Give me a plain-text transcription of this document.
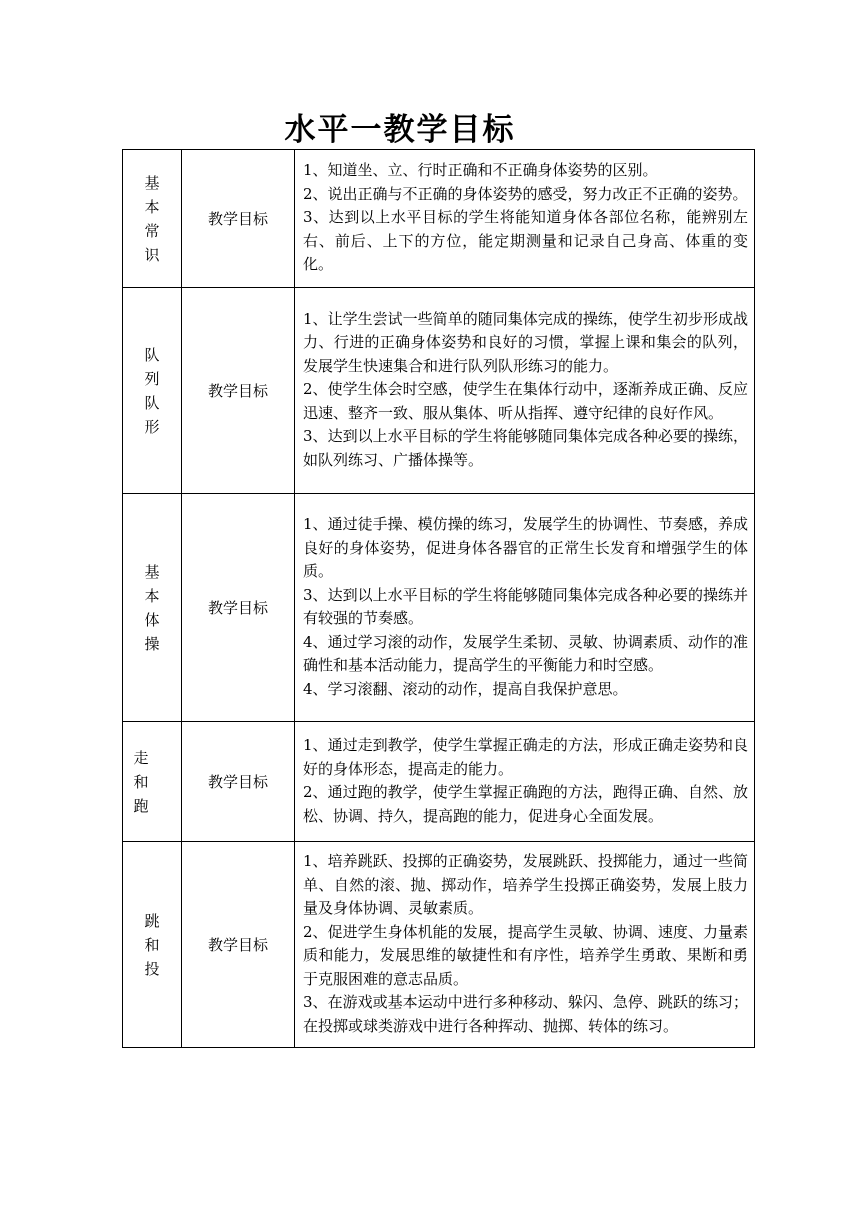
水平一教学目标
基本常识	教学目标	1、知道坐、立、行时正确和不正确身体姿势的区别。

2、说出正确与不正确的身体姿势的感受，努力改正不正确的姿势。

3、达到以上水平目标的学生将能知道身体各部位名称，能辨别左右、前后、上下的方位，能定期测量和记录自己身高、体重的变化。

队列队形	教学目标	1、让学生尝试一些简单的随同集体完成的操练，使学生初步形成战力、行进的正确身体姿势和良好的习惯，掌握上课和集会的队列，发展学生快速集合和进行队列队形练习的能力。

2、使学生体会时空感，使学生在集体行动中，逐渐养成正确、反应迅速、整齐一致、服从集体、听从指挥、遵守纪律的良好作风。

3、达到以上水平目标的学生将能够随同集体完成各种必要的操练，如队列练习、广播体操等。

基本体操	教学目标	1、通过徒手操、模仿操的练习，发展学生的协调性、节奏感，养成良好的身体姿势，促进身体各器官的正常生长发育和增强学生的体质。

3、达到以上水平目标的学生将能够随同集体完成各种必要的操练并有较强的节奏感。

4、通过学习滚的动作，发展学生柔韧、灵敏、协调素质、动作的准确性和基本活动能力，提高学生的平衡能力和时空感。

4、学习滚翻、滚动的动作，提高自我保护意思。

走和跑	教学目标	1、通过走到教学，使学生掌握正确走的方法，形成正确走姿势和良好的身体形态，提高走的能力。

2、通过跑的教学，使学生掌握正确跑的方法，跑得正确、自然、放松、协调、持久，提高跑的能力，促进身心全面发展。

跳和投	教学目标	1、培养跳跃、投掷的正确姿势，发展跳跃、投掷能力，通过一些简单、自然的滚、抛、掷动作，培养学生投掷正确姿势，发展上肢力量及身体协调、灵敏素质。

2、促进学生身体机能的发展，提高学生灵敏、协调、速度、力量素质和能力，发展思维的敏捷性和有序性，培养学生勇敢、果断和勇于克服困难的意志品质。

3、在游戏或基本运动中进行多种移动、躲闪、急停、跳跃的练习；在投掷或球类游戏中进行各种挥动、抛掷、转体的练习。
